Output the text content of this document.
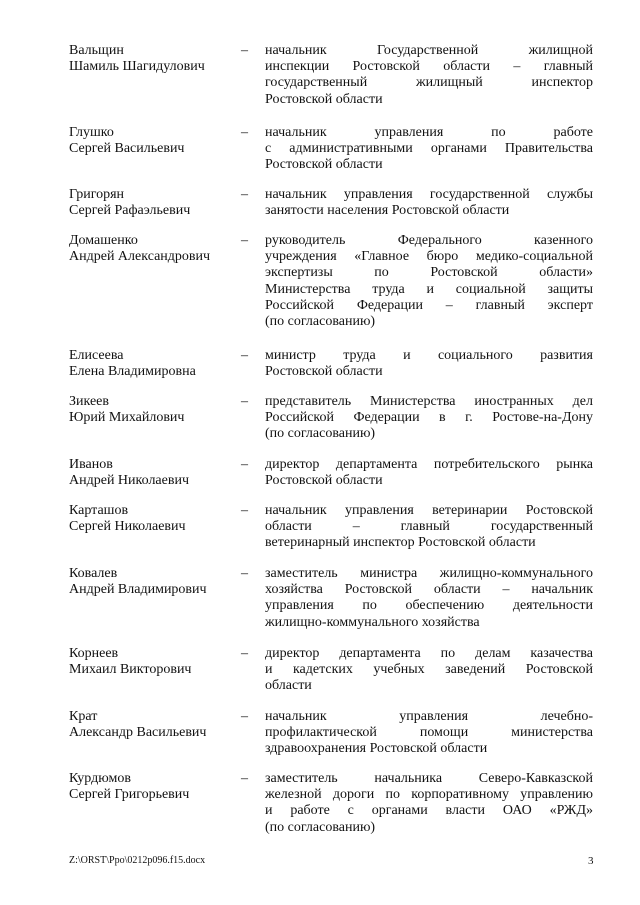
Вальщин
Шамиль Шагидулович
– начальник Государственной жилищной
инспекции Ростовской области – главный
государственный жилищный инспектор
Ростовской области
Глушко
Сергей Васильевич
– начальник управления по работе
с административными органами Правительства
Ростовской области
Григорян
Сергей Рафаэльевич
– начальник управления государственной службы
занятости населения Ростовской области
Домашенко
Андрей Александрович
– руководитель Федерального казенного
учреждения «Главное бюро медико-социальной
экспертизы по Ростовской области»
Министерства труда и социальной защиты
Российской Федерации – главный эксперт
(по согласованию)
Елисеева
Елена Владимировна
– министр труда и социального развития
Ростовской области
Зикеев
Юрий Михайлович
– представитель Министерства иностранных дел
Российской Федерации в г. Ростове-на-Дону
(по согласованию)
Иванов
Андрей Николаевич
– директор департамента потребительского рынка
Ростовской области
Карташов
Сергей Николаевич
– начальник управления ветеринарии Ростовской
области – главный государственный
ветеринарный инспектор Ростовской области
Ковалев
Андрей Владимирович
– заместитель министра жилищно-коммунального
хозяйства Ростовской области – начальник
управления по обеспечению деятельности
жилищно-коммунального хозяйства
Корнеев
Михаил Викторович
– директор департамента по делам казачества
и кадетских учебных заведений Ростовской
области
Крат
Александр Васильевич
– начальник управления лечебно-
профилактической помощи министерства
здравоохранения Ростовской области
Курдюмов
Сергей Григорьевич
– заместитель начальника Северо-Кавказской
железной дороги по корпоративному управлению
и работе с органами власти ОАО «РЖД»
(по согласованию)
Z:\ORST\Ppo\0212p096.f15.docx	3
